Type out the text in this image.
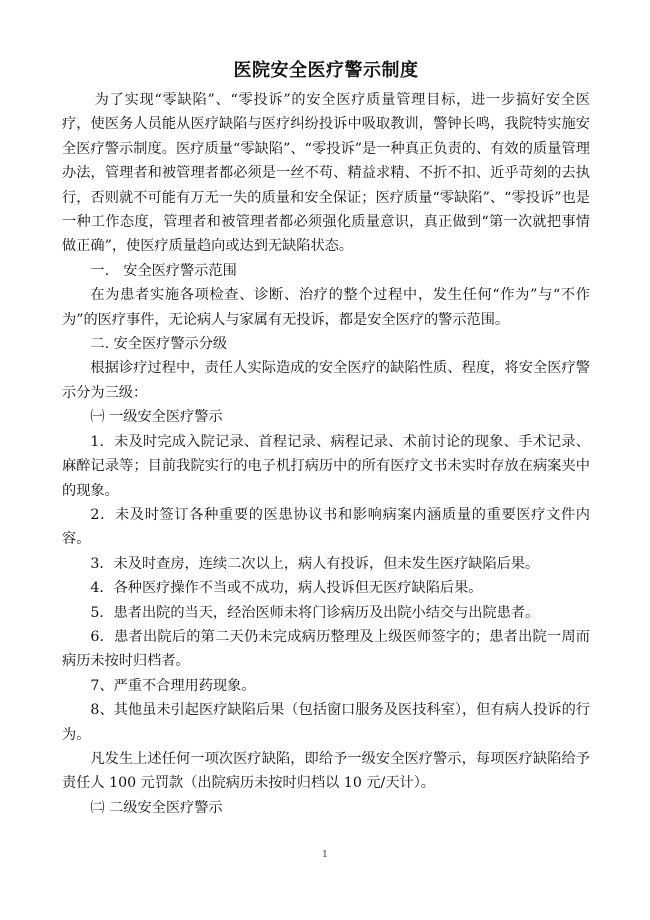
医院安全医疗警示制度

为了实现“零缺陷”、“零投诉”的安全医疗质量管理目标，进一步搞好安全医疗，使医务人员能从医疗缺陷与医疗纠纷投诉中吸取教训，警钟长鸣，我院特实施安全医疗警示制度。医疗质量“零缺陷”、“零投诉”是一种真正负责的、有效的质量管理办法，管理者和被管理者都必须是一丝不苟、精益求精、不折不扣、近乎苛刻的去执行，否则就不可能有万无一失的质量和安全保证；医疗质量“零缺陷”、“零投诉”也是一种工作态度，管理者和被管理者都必须强化质量意识，真正做到“第一次就把事情做正确”，使医疗质量趋向或达到无缺陷状态。

一.　安全医疗警示范围

在为患者实施各项检查、诊断、治疗的整个过程中，发生任何“作为”与“不作为”的医疗事件，无论病人与家属有无投诉，都是安全医疗的警示范围。

二. 安全医疗警示分级

根据诊疗过程中，责任人实际造成的安全医疗的缺陷性质、程度，将安全医疗警示分为三级：

㈠ 一级安全医疗警示

1．未及时完成入院记录、首程记录、病程记录、术前讨论的现象、手术记录、麻醉记录等；目前我院实行的电子机打病历中的所有医疗文书未实时存放在病案夹中的现象。

2．未及时签订各种重要的医患协议书和影响病案内涵质量的重要医疗文件内容。

3．未及时查房，连续二次以上，病人有投诉，但未发生医疗缺陷后果。

4．各种医疗操作不当或不成功，病人投诉但无医疗缺陷后果。

5．患者出院的当天，经治医师未将门诊病历及出院小结交与出院患者。

6．患者出院后的第二天仍未完成病历整理及上级医师签字的；患者出院一周而病历未按时归档者。

7、严重不合理用药现象。

8、其他虽未引起医疗缺陷后果（包括窗口服务及医技科室），但有病人投诉的行为。

凡发生上述任何一项次医疗缺陷，即给予一级安全医疗警示，每项医疗缺陷给予责任人 100 元罚款（出院病历未按时归档以 10 元/天计）。

㈡ 二级安全医疗警示

1
